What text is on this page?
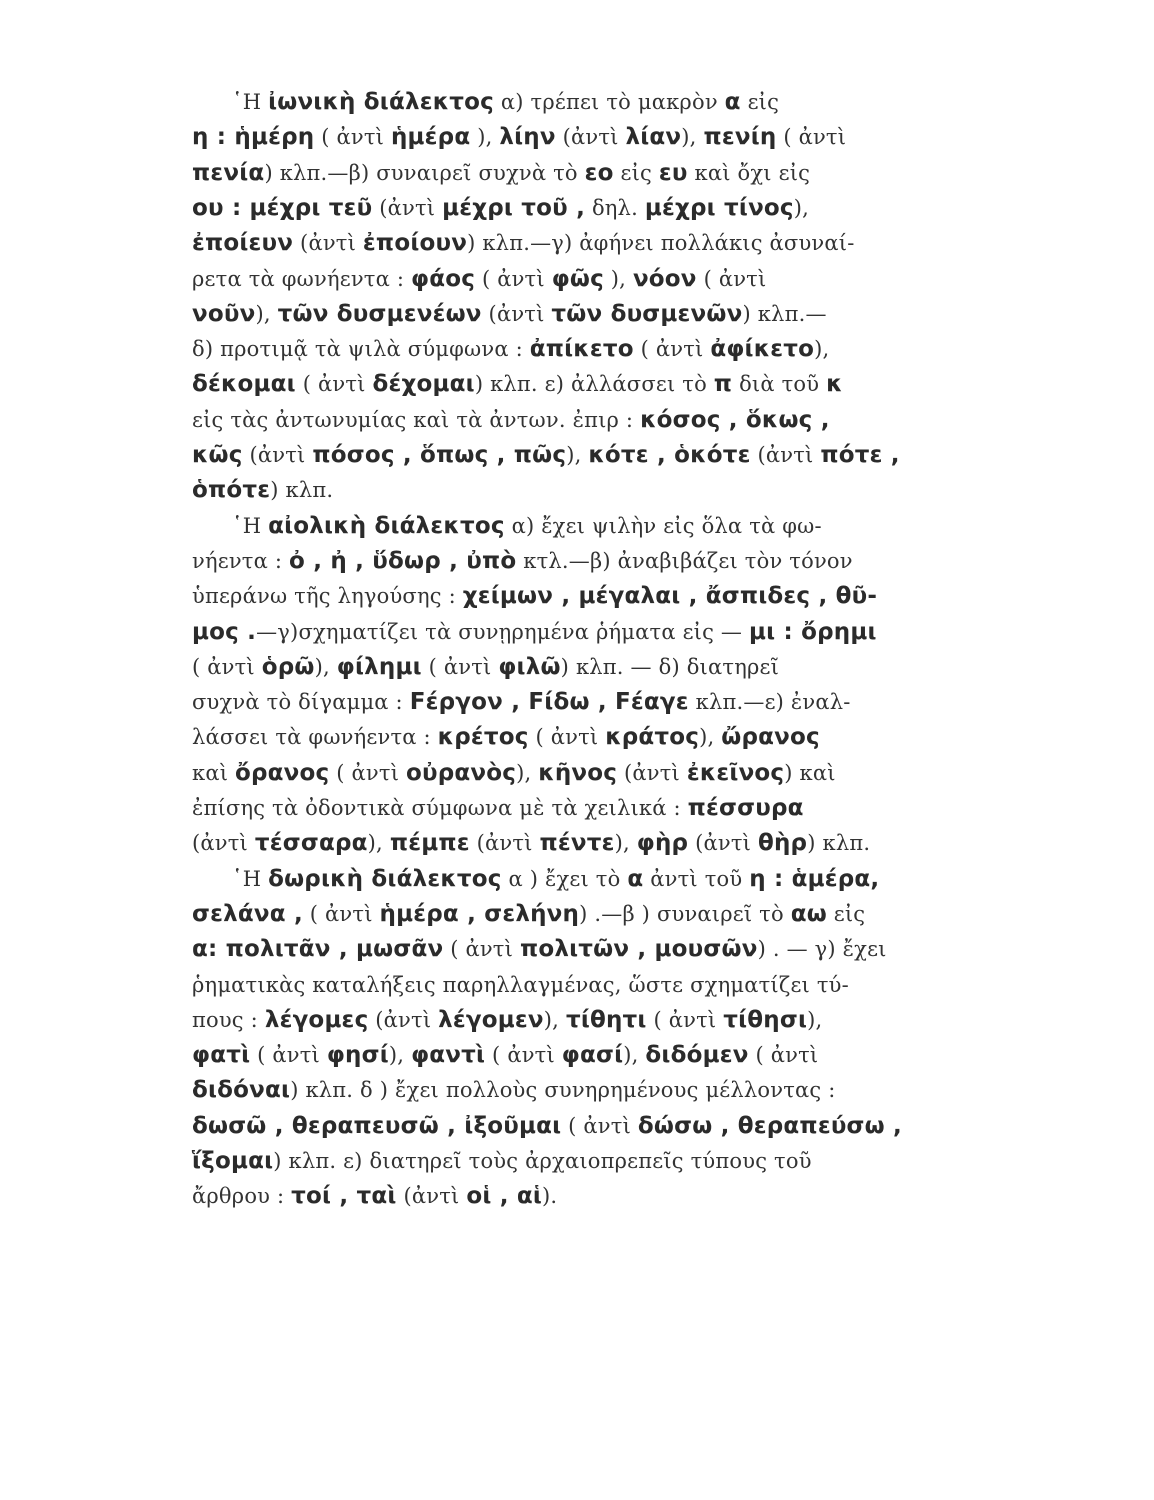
῾Η ἰωνικὴ διάλεκτος α) τρέπει τὸ μακρὸν α εἰς
η : ἡμέρη ( ἀντὶ ἡμέρα ), λίην (ἀντὶ λίαν), πενίη ( ἀντὶ
πενία) κλπ.—β) συναιρεῖ συχνὰ τὸ εο εἰς ευ καὶ ὄχι εἰς
ου : μέχρι τεῦ (ἀντὶ μέχρι τοῦ , δηλ. μέχρι τίνος),
ἐποίευν (ἀντὶ ἐποίουν) κλπ.—γ) ἀφήνει πολλάκις ἀσυναί-
ρετα τὰ φωνήεντα : φάος ( ἀντὶ φῶς ), νόον ( ἀντὶ
νοῦν), τῶν δυσμενέων (ἀντὶ τῶν δυσμενῶν) κλπ.—
δ) προτιμᾷ τὰ ψιλὰ σύμφωνα : ἀπίκετο ( ἀντὶ ἀφίκετο),
δέκομαι ( ἀντὶ δέχομαι) κλπ. ε) ἀλλάσσει τὸ π διὰ τοῦ κ
εἰς τὰς ἀντωνυμίας καὶ τὰ ἀντων. ἐπιρ : κόσος , ὅκως ,
κῶς (ἀντὶ πόσος , ὅπως , πῶς), κότε , ὁκότε (ἀντὶ πότε ,
ὁπότε) κλπ.
῾Η αἰολικὴ διάλεκτος α) ἔχει ψιλὴν εἰς ὅλα τὰ φω-
νήεντα : ὀ , ἠ , ὕδωρ , ὐπὸ κτλ.—β) ἀναβιβάζει τὸν τόνον
ὑπεράνω τῆς ληγούσης : χείμων , μέγαλαι , ἄσπιδες , θῦ-
μος .—γ)σχηματίζει τὰ συνῃρημένα ῥήματα εἰς — μι : ὄρημι
( ἀντὶ ὁρῶ), φίλημι ( ἀντὶ φιλῶ) κλπ. — δ) διατηρεῖ
συχνὰ τὸ δίγαμμα : Fέργον , Fίδω , Fέαγε κλπ.—ε) ἐναλ-
λάσσει τὰ φωνήεντα : κρέτος ( ἀντὶ κράτος), ὤρανος
καὶ ὄρανος ( ἀντὶ οὐρανὸς), κῆνος (ἀντὶ ἐκεῖνος) καὶ
ἐπίσης τὰ ὀδοντικὰ σύμφωνα μὲ τὰ χειλικά : πέσσυρα
(ἀντὶ τέσσαρα), πέμπε (ἀντὶ πέντε), φὴρ (ἀντὶ θὴρ) κλπ.
῾Η δωρικὴ διάλεκτος α ) ἔχει τὸ α ἀντὶ τοῦ η : ἁμέρα,
σελάνα , ( ἀντὶ ἡμέρα , σελήνη) .—β ) συναιρεῖ τὸ αω εἰς
α: πολιτᾶν , μωσᾶν ( ἀντὶ πολιτῶν , μουσῶν) . — γ) ἔχει
ῥηματικὰς καταλήξεις παρηλλαγμένας, ὥστε σχηματίζει τύ-
πους : λέγομες (ἀντὶ λέγομεν), τίθητι ( ἀντὶ τίθησι),
φατὶ ( ἀντὶ φησί), φαντὶ ( ἀντὶ φασί), διδόμεν ( ἀντὶ
διδόναι) κλπ. δ ) ἔχει πολλοὺς συνηρημένους μέλλοντας :
δωσῶ , θεραπευσῶ , ἰξοῦμαι ( ἀντὶ δώσω , θεραπεύσω ,
ἵξομαι) κλπ. ε) διατηρεῖ τοὺς ἀρχαιοπρεπεῖς τύπους τοῦ
ἄρθρου : τοί , ταὶ (ἀντὶ οἱ , αἱ).
